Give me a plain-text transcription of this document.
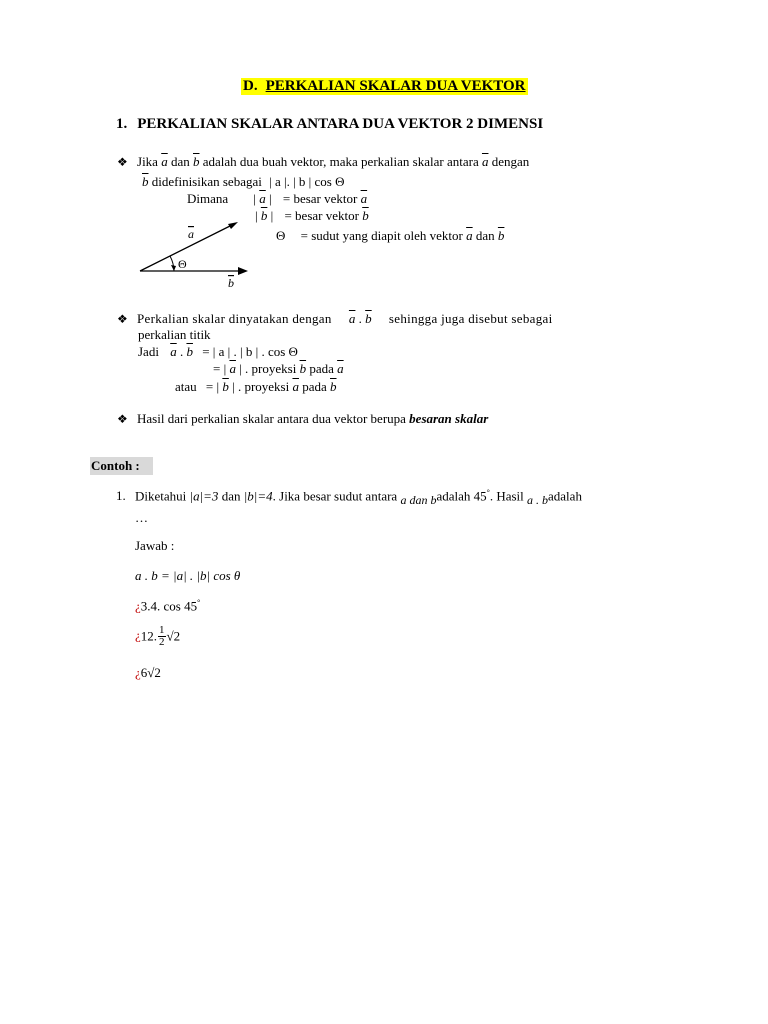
D. PERKALIAN SKALAR DUA VEKTOR
1. PERKALIAN SKALAR ANTARA DUA VEKTOR 2 DIMENSI
❖ Jika $\overline{a}$ dan $\overline{b}$ adalah dua buah vektor, maka perkalian skalar antara $\overline{a}$ dengan
$\overline{b}$ didefinisikan sebagai | a |. | b | cos Θ
Dimana | $\overline{a}$ | = besar vektor $\overline{a}$
| $\overline{b}$ | = besar vektor $\overline{b}$
Θ = sudut yang diapit oleh vektor $\overline{a}$ dan $\overline{b}$
Θ
a
b
❖ Perkalian skalar dinyatakan dengan $\overline{a}$ . $\overline{b}$ sehingga juga disebut sebagai
perkalian titik
Jadi $\overline{a}$ . $\overline{b}$ = | a | . | b | . cos Θ
= | $\overline{a}$ | . proyeksi $\overline{b}$ pada $\overline{a}$
atau = | $\overline{b}$ | . proyeksi $\overline{a}$ pada $\overline{b}$
❖ Hasil dari perkalian skalar antara dua vektor berupa besaran skalar
Contoh :
1. Diketahui |a|=3 dan |b|=4. Jika besar sudut antara a dan badalah 45°. Hasil a . badalah
…
Jawab :
a . b = |a| . |b| cos θ
¿3.4. cos 45°
¿12. $\frac{1}{2} √2$
¿6√2
